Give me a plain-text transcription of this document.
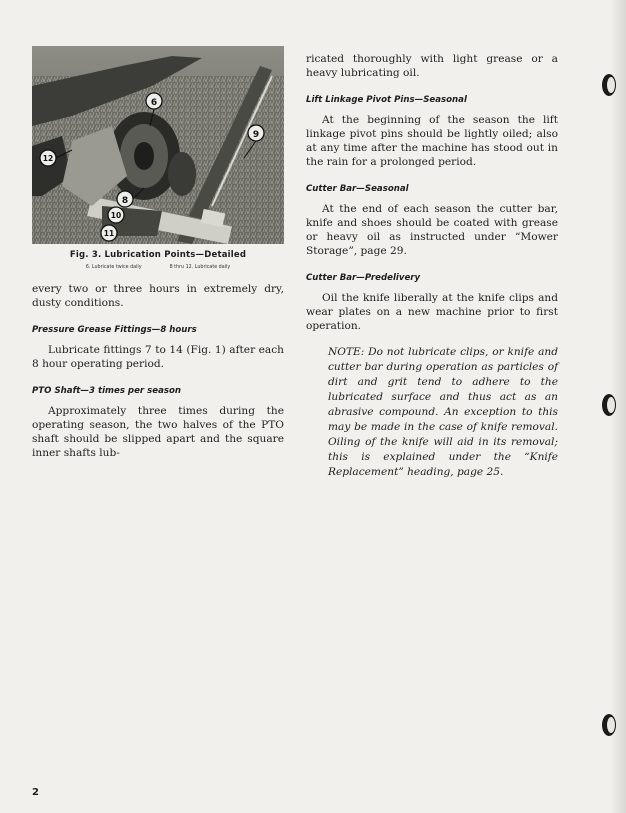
6
8
9
10
11
12
Fig. 3. Lubrication Points—Detailed
6. Lubricate twice daily	8 thru 12. Lubricate daily

every two or three hours in extremely dry, dusty conditions.

Pressure Grease Fittings—8 hours

Lubricate fittings 7 to 14 (Fig. 1) after each 8 hour operating period.

PTO Shaft—3 times per season

Approximately three times during the operating season, the two halves of the PTO shaft should be slipped apart and the square inner shafts lub-

ricated thoroughly with light grease or a heavy lubricating oil.

Lift Linkage Pivot Pins—Seasonal

At the beginning of the season the lift linkage pivot pins should be lightly oiled; also at any time after the machine has stood out in the rain for a prolonged period.

Cutter Bar—Seasonal

At the end of each season the cutter bar, knife and shoes should be coated with grease or heavy oil as instructed under “Mower Storage”, page 29.

Cutter Bar—Predelivery

Oil the knife liberally at the knife clips and wear plates on a new machine prior to first operation.

NOTE: Do not lubricate clips, or knife and cutter bar during operation as particles of dirt and grit tend to adhere to the lubricated surface and thus act as an abrasive compound. An exception to this may be made in the case of knife removal. Oiling of the knife will aid in its removal; this is explained under the “Knife Replacement” heading, page 25.

2
